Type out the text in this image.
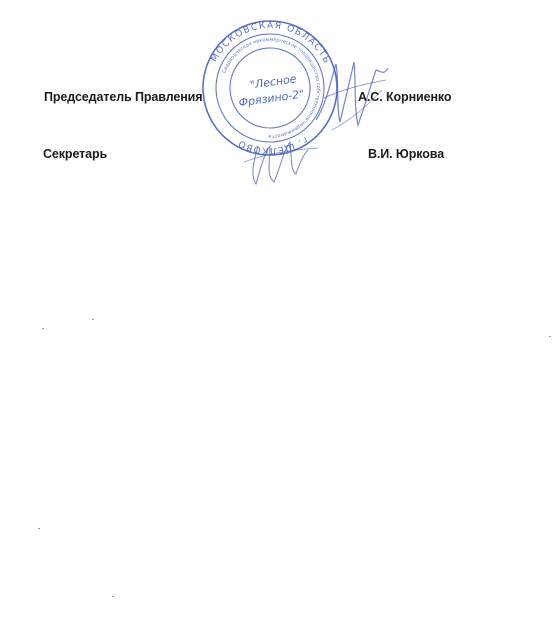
МОСКОВСКАЯ ОБЛАСТЬ
г. ЩЕЛКОВО
Садоводческое некоммерческое товарищество собственников недвижимости
"Лесное
Фрязино-2"
Председатель Правления	А.С. Корниенко
Секретарь	В.И. Юркова
